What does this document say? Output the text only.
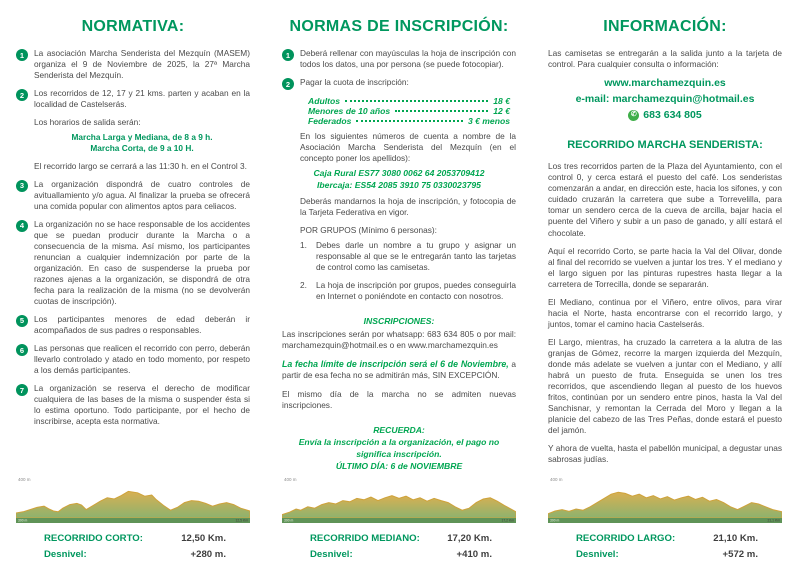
NORMATIVA:
1	La asociación Marcha Senderista del Mezquín (MASEM) organiza el 9 de Noviembre de 2025, la 27ª Marcha Senderista del Mezquín.
2	Los recorridos de 12, 17 y 21 kms. parten y acaban en la localidad de Castelserás.
Los horarios de salida serán:
Marcha Larga y Mediana, de 8 a 9 h.
Marcha Corta, de 9 a 10 H.
El recorrido largo se cerrará a las 11:30 h. en el Control 3.
3	La organización dispondrá de cuatro controles de avituallamiento y/o agua. Al finalizar la prueba se ofrecerá una comida popular con alimentos aptos para celiacos.
4	La organización no se hace responsable de los accidentes que se puedan producir durante la Marcha o a consecuencia de la misma. Así mismo, los participantes renuncian a cualquier indemnización por parte de la organización. En caso de suspenderse la prueba por razones ajenas a la organización, se dispondrá de otra fecha para la realización de la misma (no se devolverán cuotas de inscripción).
5	Los participantes menores de edad deberán ir acompañados de sus padres o responsables.
6	Las personas que realicen el recorrido con perro, deberán llevarlo controlado y atado en todo momento, por respeto a los demás participantes.
7	La organización se reserva el derecho de modificar cualquiera de las bases de la misma o suspender ésta si lo estima oportuno. Todo participante, por el hecho de inscribirse, acepta esta normativa.
400 m
300 m	12,5 Km
RECORRIDO CORTO:	12,50 Km.
Desnivel:	+280 m.
NORMAS DE INSCRIPCIÓN:
1	Deberá rellenar con mayúsculas la hoja de inscripción con todos los datos, una por persona (se puede fotocopiar).
2	Pagar la cuota de inscripción:
Adultos	18 €
Menores de 10 años	12 €
Federados	3 € menos
En los siguientes números de cuenta a nombre de la Asociación Marcha Senderista del Mezquín (en el concepto poner los apellidos):
Caja Rural ES77 3080 0062 64 2053709412
Ibercaja: ES54 2085 3910 75 0330023795
Deberás mandarnos la hoja de inscripción, y fotocopia de la Tarjeta Federativa en vigor.
POR GRUPOS (Mínimo 6 personas):
1.	Debes darle un nombre a tu grupo y asignar un responsable al que se le entregarán tanto las tarjetas de control como las camisetas.
2.	La hoja de inscripción por grupos, puedes conseguirla en Internet o poniéndote en contacto con nosotros.
INSCRIPCIONES:
Las inscripciones serán por whatsapp: 683 634 805 o por mail: marchamezquin@hotmail.es o en www.marchamezquin.es
La fecha límite de inscripción será el 6 de Noviembre, a partir de esa fecha no se admitirán más, SIN EXCEPCIÓN.
El mismo día de la marcha no se admiten nuevas inscripciones.
RECUERDA:
Envía la inscripción a la organización, el pago no significa inscripción.
ÚLTIMO DÍA: 6 de NOVIEMBRE
400 m
300 m	17,2 Km
RECORRIDO MEDIANO:	17,20 Km.
Desnivel:	+410 m.
INFORMACIÓN:
Las camisetas se entregarán a la salida junto a la tarjeta de control. Para cualquier consulta o información:
www.marchamezquin.es
e-mail: marchamezquin@hotmail.es
✆ 683 634 805
RECORRIDO MARCHA SENDERISTA:
Los tres recorridos parten de la Plaza del Ayuntamiento, con el control 0, y cerca estará el puesto del café. Los senderistas comenzarán a andar, en dirección este, hacia los sifones, y con cuidado cruzarán la carretera que sube a Torrevelilla, para tomar un sendero cerca de la cueva de arcilla, bajar hacia el puente del Viñero y subir a un paso de ganado, y allí estará el chocolate.
Aquí el recorrido Corto, se parte hacia la Val del Olivar, donde al final del recorrido se vuelven a juntar los tres. Y el mediano y el largo siguen por las pinturas rupestres hasta llegar a la carretera de Torrecilla, donde se separarán.
El Mediano, continua por el Viñero, entre olivos, para virar hacia el Norte, hasta encontrarse con el recorrido largo, y juntos, tomar el camino hacia Castelserás.
El Largo, mientras, ha cruzado la carretera a la alutra de las granjas de Gómez, recorre la margen izquierda del Mezquín, donde más adelate se vuelven a juntar con el Mediano, y allí habrá un puesto de fruta. Enseguida se unen los tres recorridos, que ascendiendo llegan al puesto de los huevos fritos, continúan por un sendero entre pinos, hasta la Val del Sanchisnar, y remontan la Cerrada del Moro y llegan a la planicie del cabezo de las Tres Peñas, donde estará el puesto del jamón.
Y ahora de vuelta, hasta el pabellón municipal, a degustar unas sabrosas judías.
400 m
300 m	21,1 Km
RECORRIDO LARGO:	21,10 Km.
Desnivel:	+572 m.
